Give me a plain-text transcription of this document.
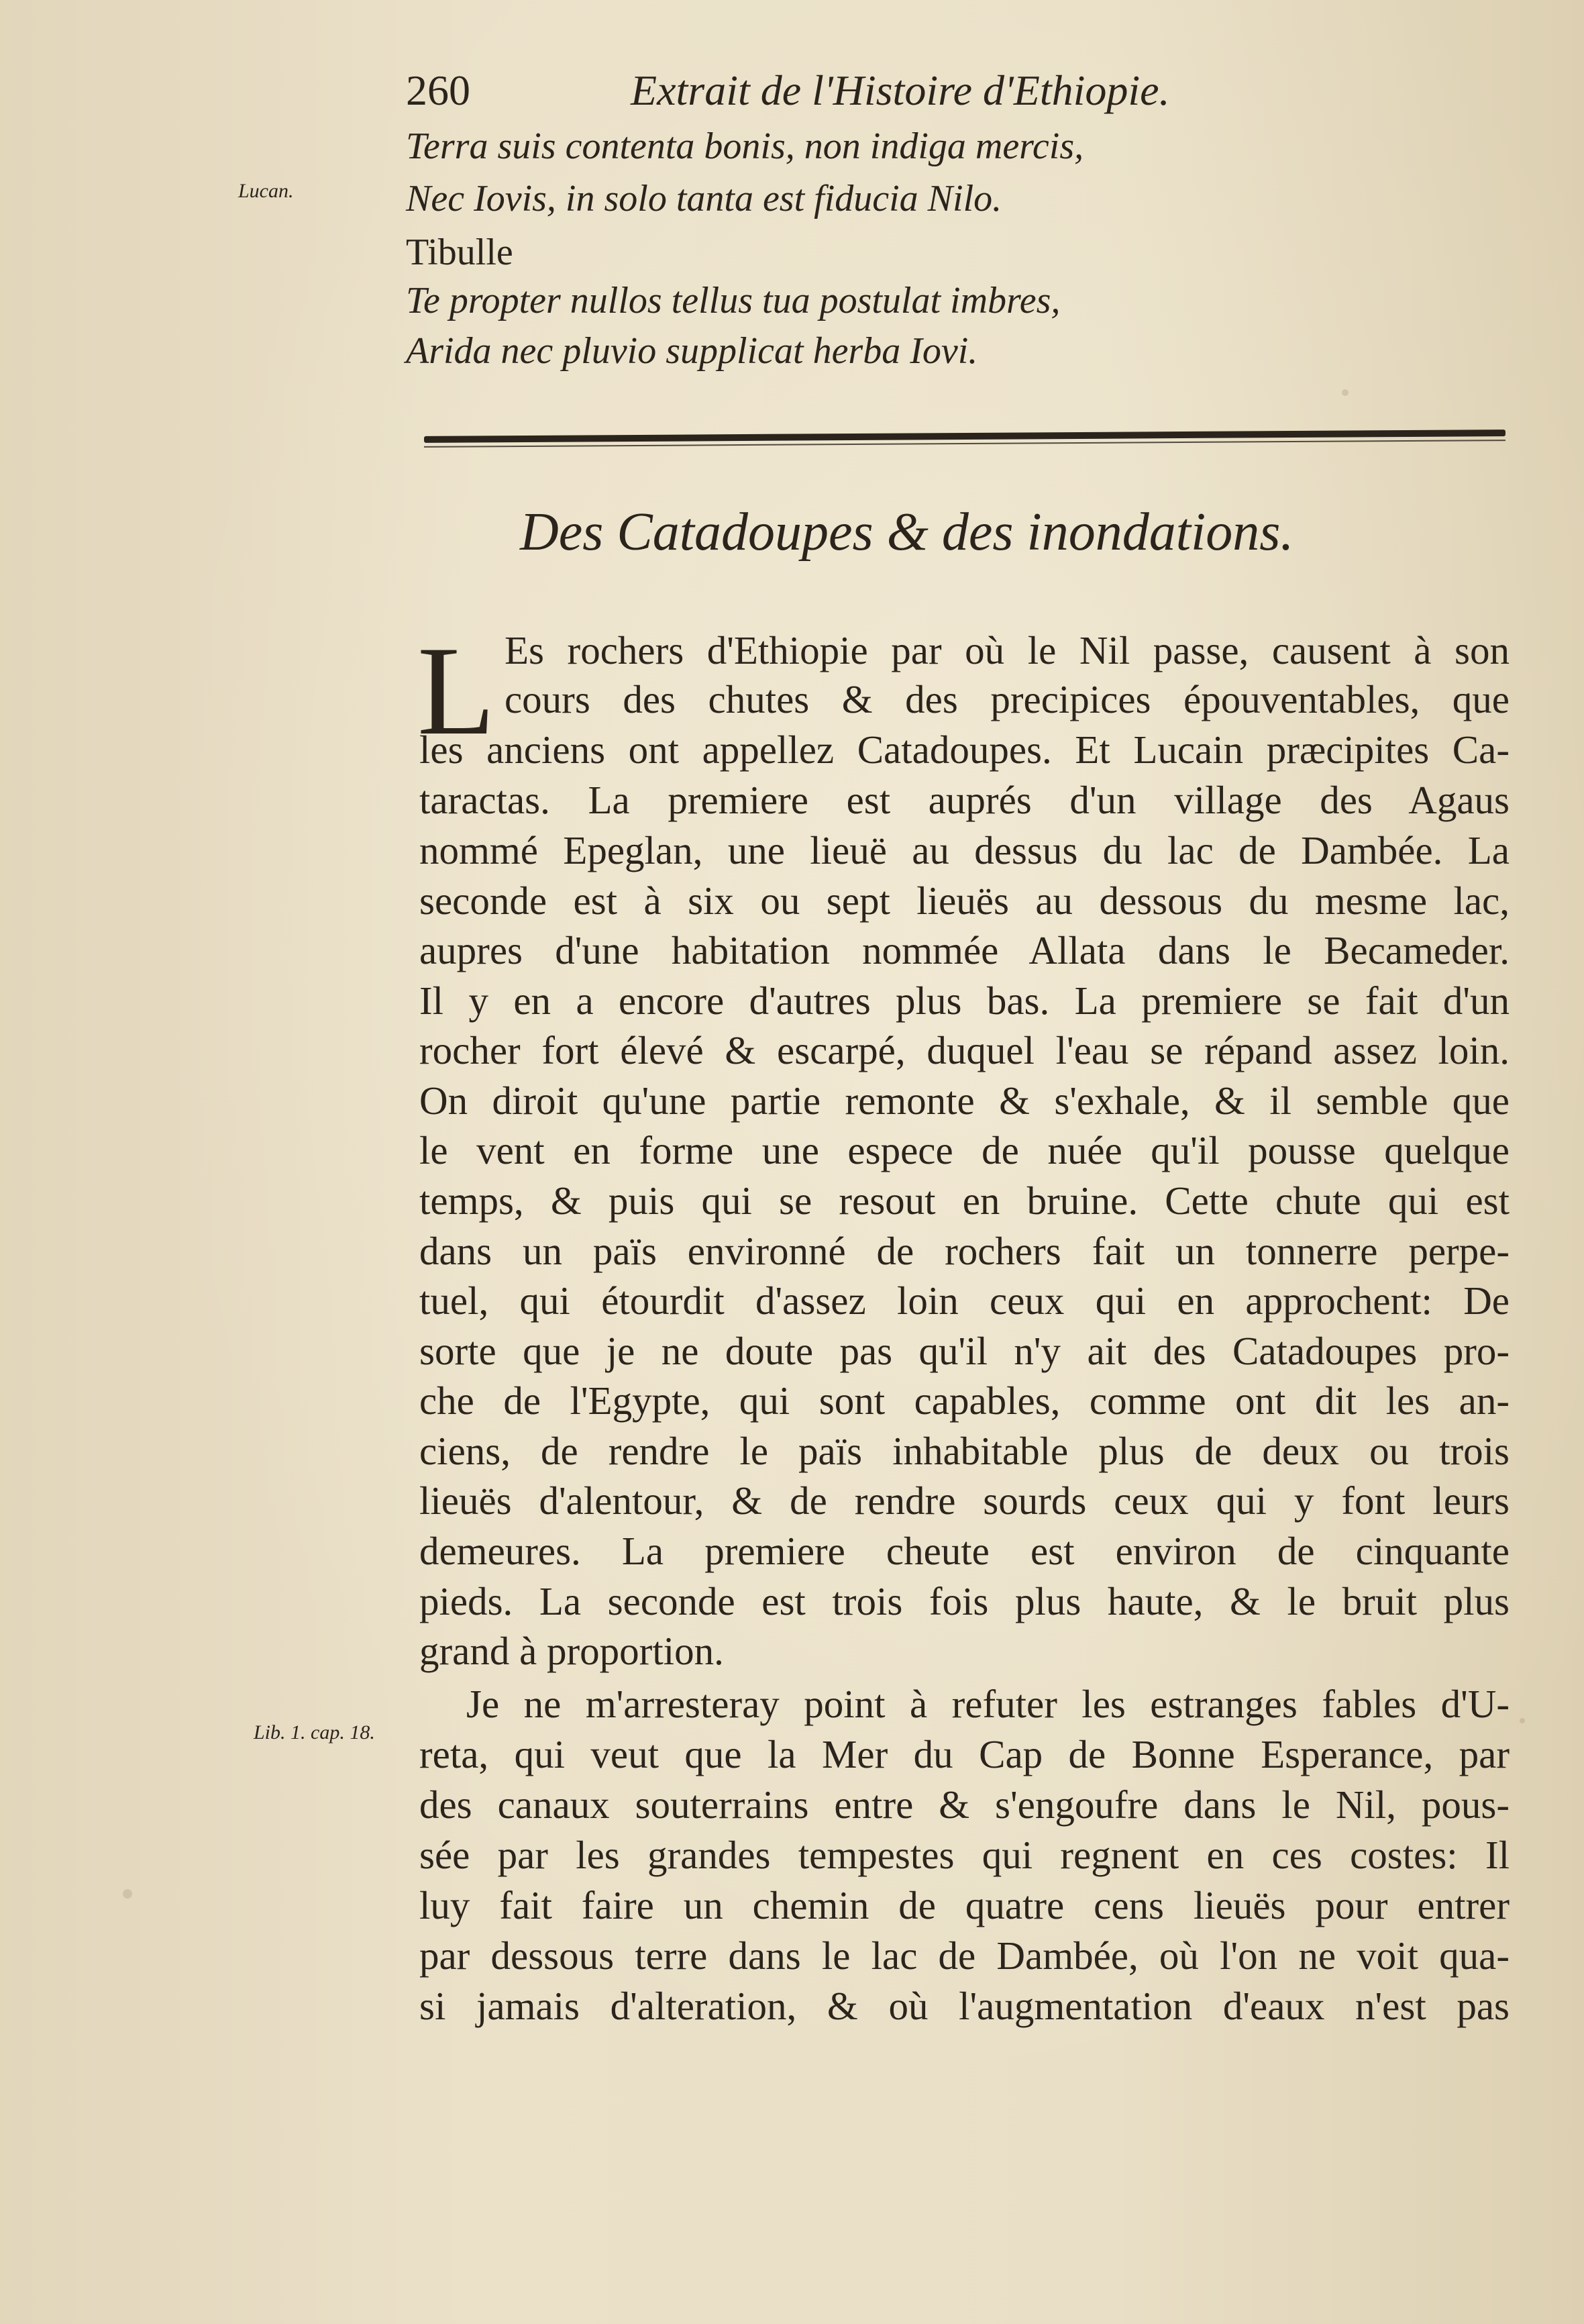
260	Extrait de l'Histoire d'Ethiopie.
Lucan.
Terra suis contenta bonis, non indiga mercis,
Nec Iovis, in solo tanta est fiducia Nilo.
Tibulle
Te propter nullos tellus tua postulat imbres,
Arida nec pluvio supplicat herba Iovi.
Des Catadoupes & des inondations.
L Es rochers d'Ethiopie par où le Nil passe, causent à son
cours des chutes & des precipices épouventables, que
les anciens ont appellez Catadoupes. Et Lucain præcipites Ca-
taractas. La premiere est auprés d'un village des Agaus
nommé Epeglan, une lieuë au dessus du lac de Dambée. La
seconde est à six ou sept lieuës au dessous du mesme lac,
aupres d'une habitation nommée Allata dans le Becameder.
Il y en a encore d'autres plus bas. La premiere se fait d'un
rocher fort élevé & escarpé, duquel l'eau se répand assez loin.
On diroit qu'une partie remonte & s'exhale, & il semble que
le vent en forme une espece de nuée qu'il pousse quelque
temps, & puis qui se resout en bruine. Cette chute qui est
dans un païs environné de rochers fait un tonnerre perpe-
tuel, qui étourdit d'assez loin ceux qui en approchent: De
sorte que je ne doute pas qu'il n'y ait des Catadoupes pro-
che de l'Egypte, qui sont capables, comme ont dit les an-
ciens, de rendre le païs inhabitable plus de deux ou trois
lieuës d'alentour, & de rendre sourds ceux qui y font leurs
demeures. La premiere cheute est environ de cinquante
pieds. La seconde est trois fois plus haute, & le bruit plus
grand à proportion.
Lib. 1. cap. 18.
Je ne m'arresteray point à refuter les estranges fables d'U-
reta, qui veut que la Mer du Cap de Bonne Esperance, par
des canaux souterrains entre & s'engoufre dans le Nil, pous-
sée par les grandes tempestes qui regnent en ces costes: Il
luy fait faire un chemin de quatre cens lieuës pour entrer
par dessous terre dans le lac de Dambée, où l'on ne voit qua-
si jamais d'alteration, & où l'augmentation d'eaux n'est pas
